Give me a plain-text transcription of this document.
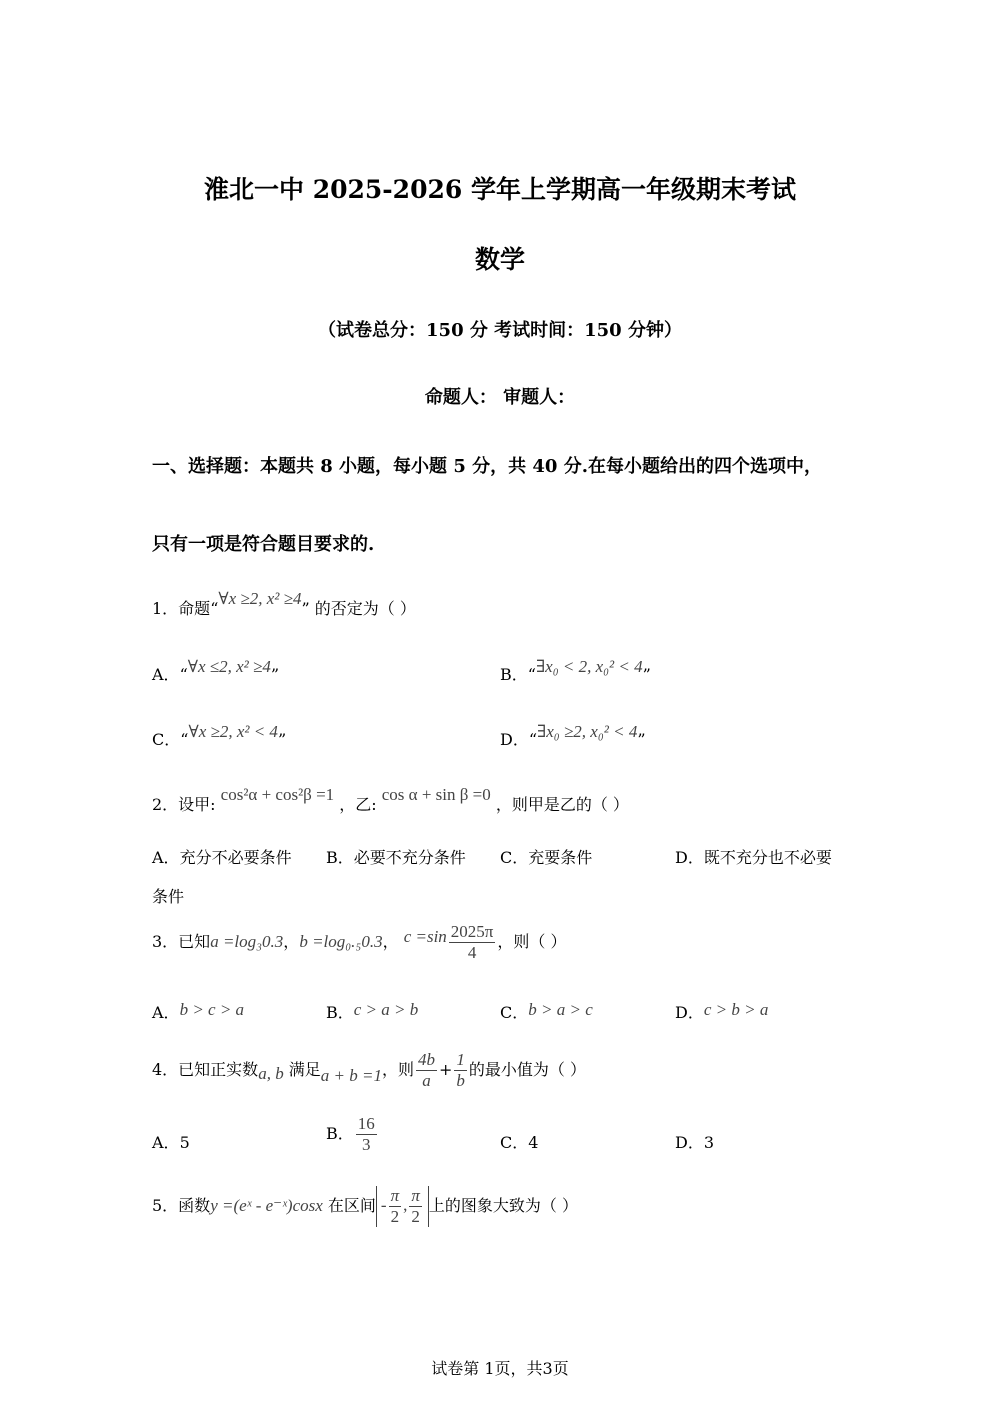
淮北一中 2025-2026 学年上学期高一年级期末考试
数学
（试卷总分：150 分 考试时间：150 分钟）
命题人： 审题人：
一、选择题：本题共 8 小题，每小题 5 分，共 40 分.在每小题给出的四个选项中，
只有一项是符合题目要求的.
1．命题“∀x ≥2, x² ≥4” 的否定为（ ）
A．“∀x ≤2, x² ≥4”	B．“∃x₀ < 2, x₀² < 4”
C．“∀x ≥2, x² < 4”	D．“∃x₀ ≥2, x₀² < 4”
2．设甲: cos²α + cos²β =1 ，乙: cos α + sin β =0 ，则甲是乙的（ ）
A．充分不必要条件 B．必要不充分条件 C．充要条件	D．既不充分也不必要
条件
3．已知a =log₃0.3，b =log₀.₅0.3， $c =\sin \frac{2025\pi}{4}$ ，则（ ）
A．b > c > a	B．c > a > b	C．b > a > c	D．c > b > a
4．已知正实数a, b 满足a + b =1，则 $\frac{4b}{a} + \frac{1}{b}$ 的最小值为（ ）
A．5	B． $\frac{16}{3}$	C．4	D．3
5．函数y =(eˣ - e⁻ˣ)cosx 在区间 - $\frac{\pi}{2}$ , $\frac{\pi}{2}$ 上的图象大致为（ ）
试卷第 1页，共3页
